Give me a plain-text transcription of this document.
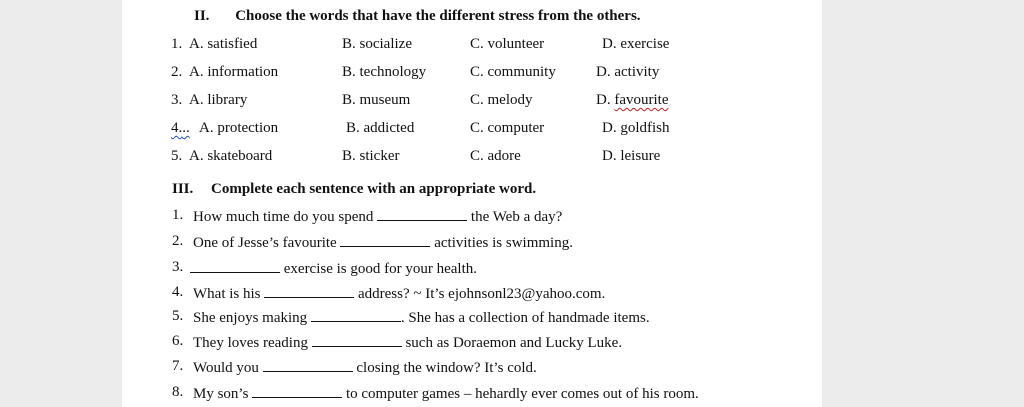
II. Choose the words that have the different stress from the others.
1. A. satisfied	B. socialize	C. volunteer	D. exercise
2. A. information	B. technology	C. community	D. activity
3. A. library	B. museum	C. melody	D. favourite
4... A. protection	B. addicted	C. computer	D. goldfish
5. A. skateboard	B. sticker	C. adore	D. leisure
III. Complete each sentence with an appropriate word.
1. How much time do you spend	the Web a day?
2. One of Jesse’s favourite	activities is swimming.
3.	exercise is good for your health.
4. What is his	address? ~ It’s ejohnsonl23@yahoo.com.
5. She enjoys making	. She has a collection of handmade items.
6. They loves reading	such as Doraemon and Lucky Luke.
7. Would you	closing the window? It’s cold.
8. My son’s	to computer games – hehardly ever comes out of his room.
